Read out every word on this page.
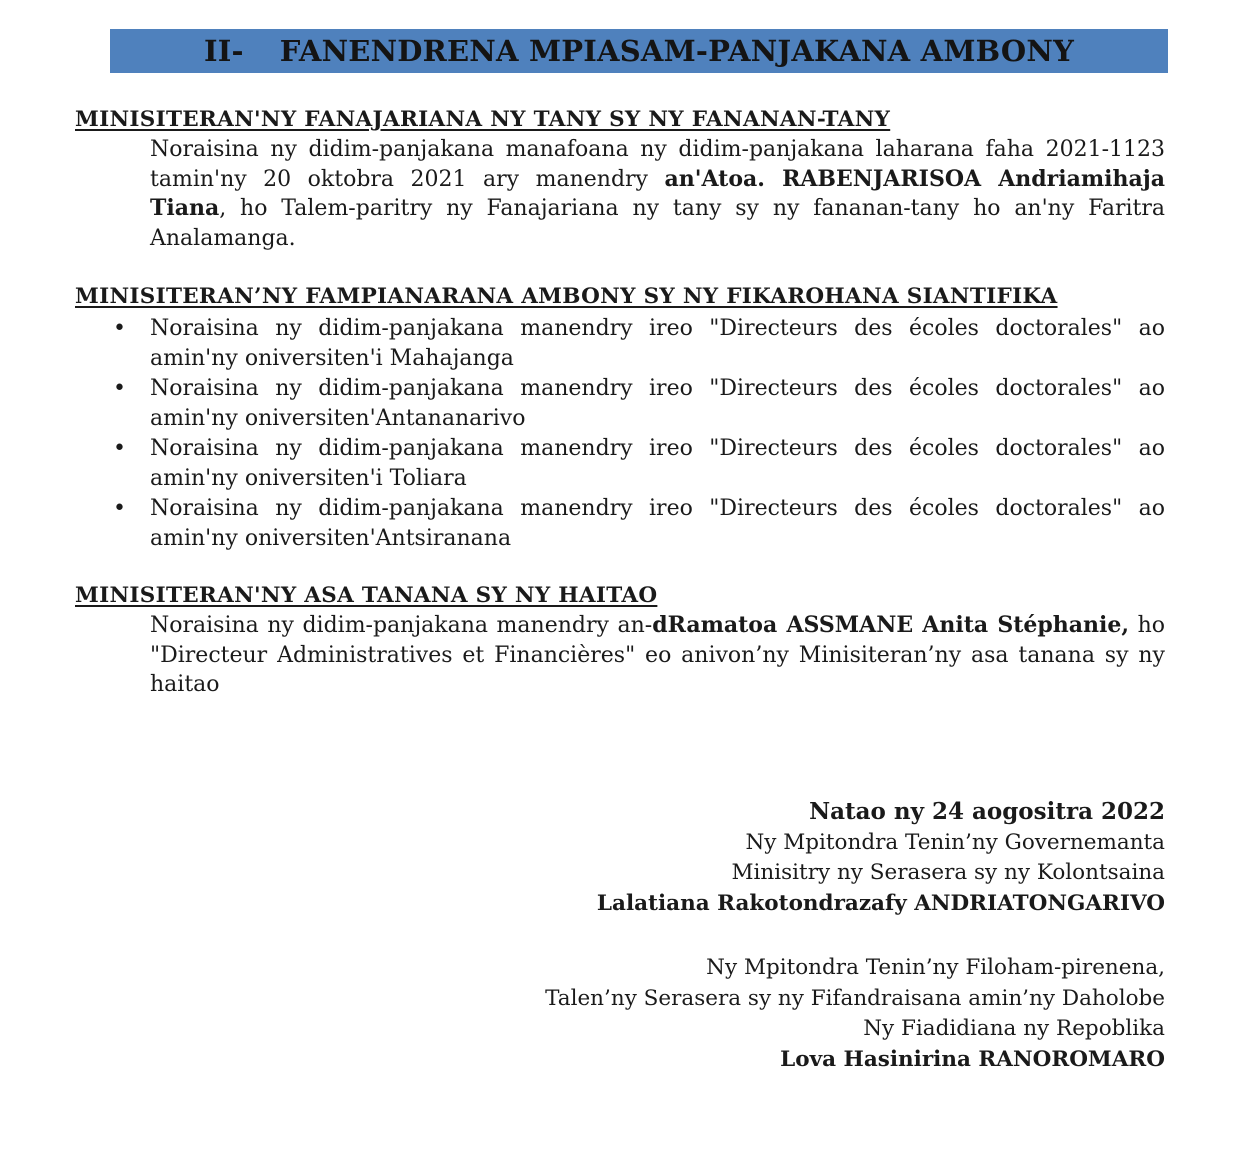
II- FANENDRENA MPIASAM-PANJAKANA AMBONY
MINISITERAN'NY FANAJARIANA NY TANY SY NY FANANAN-TANY
Noraisina ny didim-panjakana manafoana ny didim-panjakana laharana faha 2021-1123 tamin'ny 20 oktobra 2021 ary manendry an'Atoa. RABENJARISOA Andriamihaja Tiana, ho Talem-paritry ny Fanajariana ny tany sy ny fananan-tany ho an'ny Faritra Analamanga.
MINISITERAN’NY FAMPIANARANA AMBONY SY NY FIKAROHANA SIANTIFIKA
• Noraisina ny didim-panjakana manendry ireo "Directeurs des écoles doctorales" ao amin'ny oniversiten'i Mahajanga
• Noraisina ny didim-panjakana manendry ireo "Directeurs des écoles doctorales" ao amin'ny oniversiten'Antananarivo
• Noraisina ny didim-panjakana manendry ireo "Directeurs des écoles doctorales" ao amin'ny oniversiten'i Toliara
• Noraisina ny didim-panjakana manendry ireo "Directeurs des écoles doctorales" ao amin'ny oniversiten'Antsiranana
MINISITERAN'NY ASA TANANA SY NY HAITAO
Noraisina ny didim-panjakana manendry an-dRamatoa ASSMANE Anita Stéphanie, ho "Directeur Administratives et Financières" eo anivon’ny Minisiteran’ny asa tanana sy ny haitao
Natao ny 24 aogositra 2022
Ny Mpitondra Tenin’ny Governemanta
Minisitry ny Serasera sy ny Kolontsaina
Lalatiana Rakotondrazafy ANDRIATONGARIVO
Ny Mpitondra Tenin’ny Filoham-pirenena,
Talen’ny Serasera sy ny Fifandraisana amin’ny Daholobe
Ny Fiadidiana ny Repoblika
Lova Hasinirina RANOROMARO
